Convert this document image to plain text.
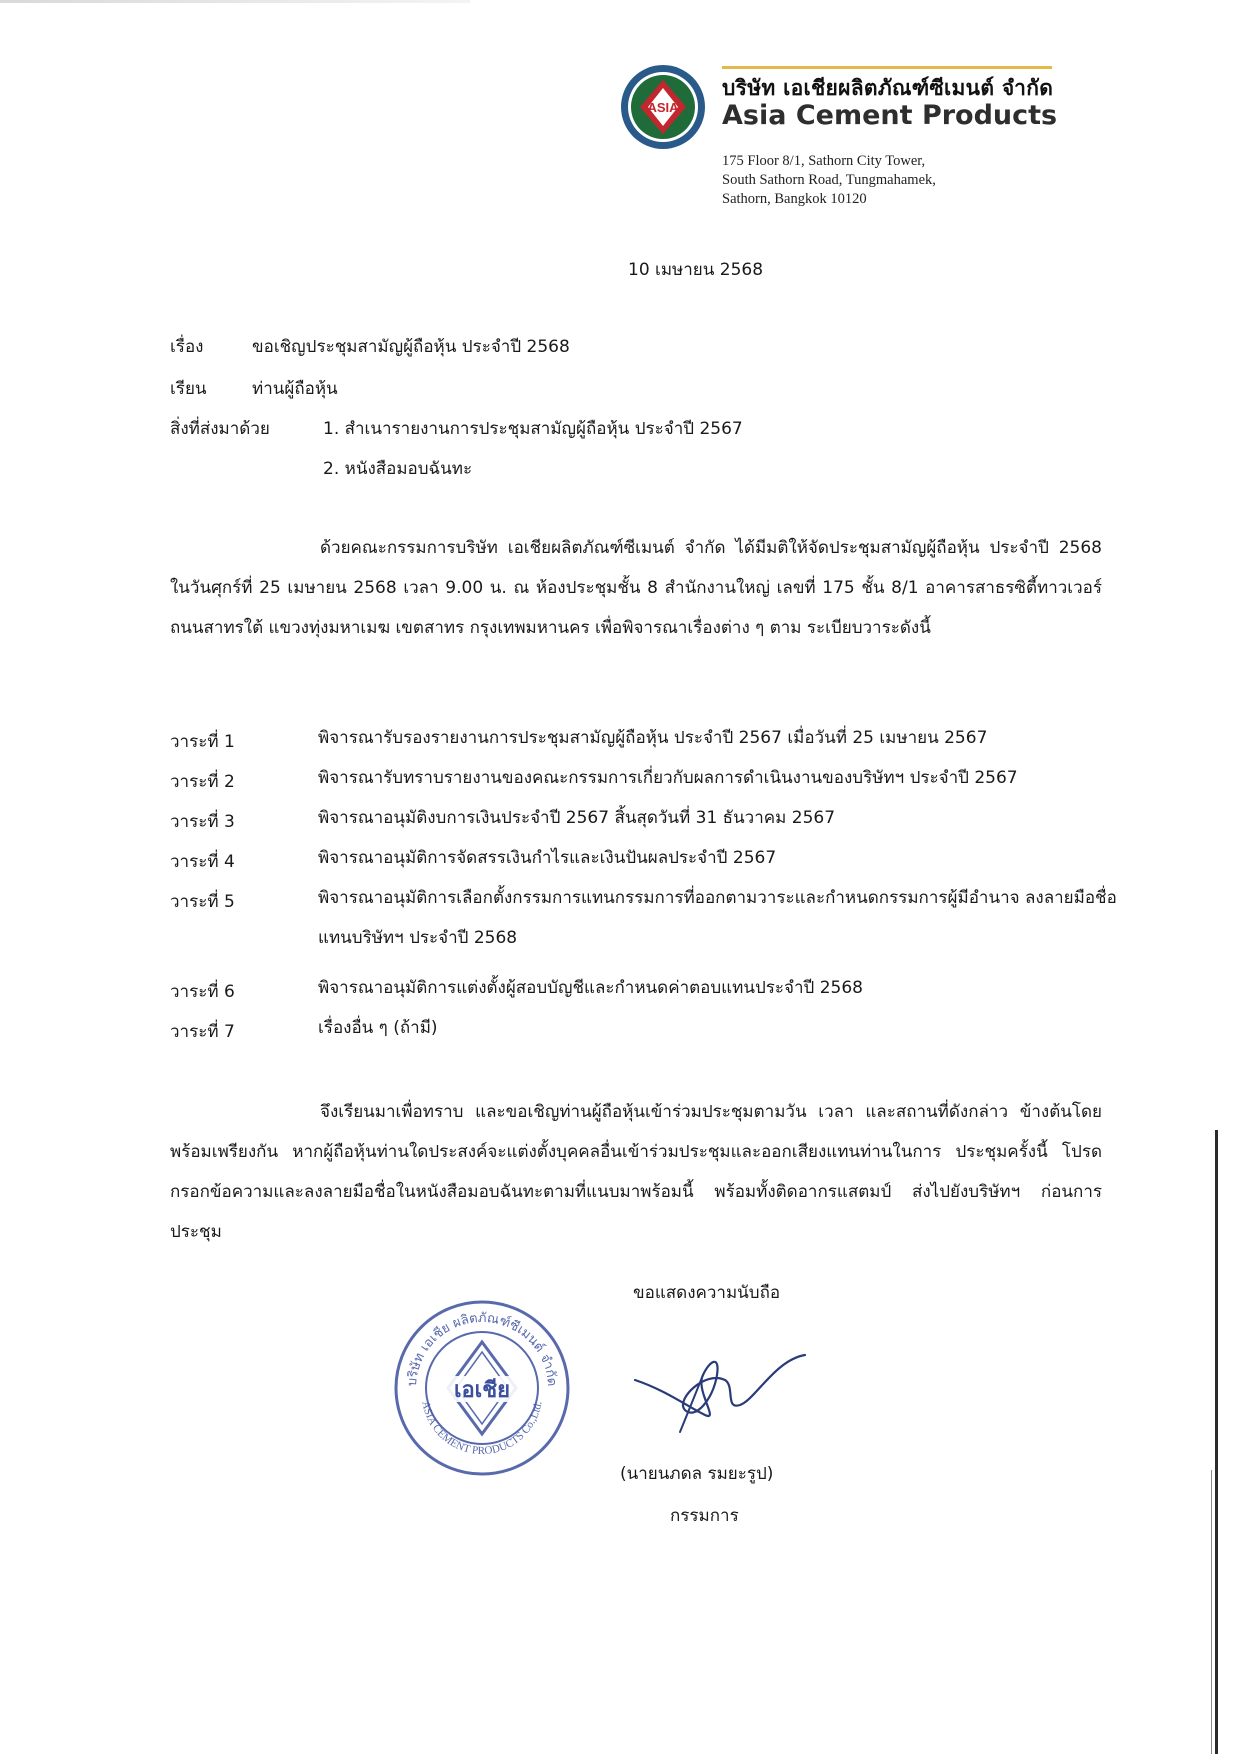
ASIA
บริษัท เอเชียผลิตภัณฑ์ซีเมนต์ จำกัด
Asia Cement Products
175 Floor 8/1, Sathorn City Tower,
South Sathorn Road, Tungmahamek,
Sathorn, Bangkok 10120
10 เมษายน 2568
เรื่อง	ขอเชิญประชุมสามัญผู้ถือหุ้น ประจำปี 2568
เรียน	ท่านผู้ถือหุ้น
สิ่งที่ส่งมาด้วย	1. สำเนารายงานการประชุมสามัญผู้ถือหุ้น ประจำปี 2567
2. หนังสือมอบฉันทะ
ด้วยคณะกรรมการบริษัท เอเชียผลิตภัณฑ์ซีเมนต์ จำกัด ได้มีมติให้จัดประชุมสามัญผู้ถือหุ้น ประจำปี 2568 ในวันศุกร์ที่ 25 เมษายน 2568 เวลา 9.00 น. ณ ห้องประชุมชั้น 8 สำนักงานใหญ่ เลขที่ 175 ชั้น 8/1 อาคารสาธรซิตี้ทาวเวอร์ ถนนสาทรใต้ แขวงทุ่งมหาเมฆ เขตสาทร กรุงเทพมหานคร เพื่อพิจารณาเรื่องต่าง ๆ ตาม ระเบียบวาระดังนี้
วาระที่ 1	พิจารณารับรองรายงานการประชุมสามัญผู้ถือหุ้น ประจำปี 2567 เมื่อวันที่ 25 เมษายน 2567
วาระที่ 2	พิจารณารับทราบรายงานของคณะกรรมการเกี่ยวกับผลการดำเนินงานของบริษัทฯ ประจำปี 2567
วาระที่ 3	พิจารณาอนุมัติงบการเงินประจำปี 2567 สิ้นสุดวันที่ 31 ธันวาคม 2567
วาระที่ 4	พิจารณาอนุมัติการจัดสรรเงินกำไรและเงินปันผลประจำปี 2567
วาระที่ 5	พิจารณาอนุมัติการเลือกตั้งกรรมการแทนกรรมการที่ออกตามวาระและกำหนดกรรมการผู้มีอำนาจ ลงลายมือชื่อแทนบริษัทฯ ประจำปี 2568
วาระที่ 6	พิจารณาอนุมัติการแต่งตั้งผู้สอบบัญชีและกำหนดค่าตอบแทนประจำปี 2568
วาระที่ 7	เรื่องอื่น ๆ (ถ้ามี)
จึงเรียนมาเพื่อทราบ และขอเชิญท่านผู้ถือหุ้นเข้าร่วมประชุมตามวัน เวลา และสถานที่ดังกล่าว ข้างต้นโดยพร้อมเพรียงกัน หากผู้ถือหุ้นท่านใดประสงค์จะแต่งตั้งบุคคลอื่นเข้าร่วมประชุมและออกเสียงแทนท่านในการ ประชุมครั้งนี้ โปรดกรอกข้อความและลงลายมือชื่อในหนังสือมอบฉันทะตามที่แนบมาพร้อมนี้ พร้อมทั้งติดอากรแสตมป์ ส่งไปยังบริษัทฯ ก่อนการประชุม
ขอแสดงความนับถือ
บริษัท เอเชีย ผลิตภัณฑ์ซีเมนต์ จำกัด
ASIA CEMENT PRODUCTS Co.,Ltd.
เอเชีย
(นายนภดล รมยะรูป)
กรรมการ
